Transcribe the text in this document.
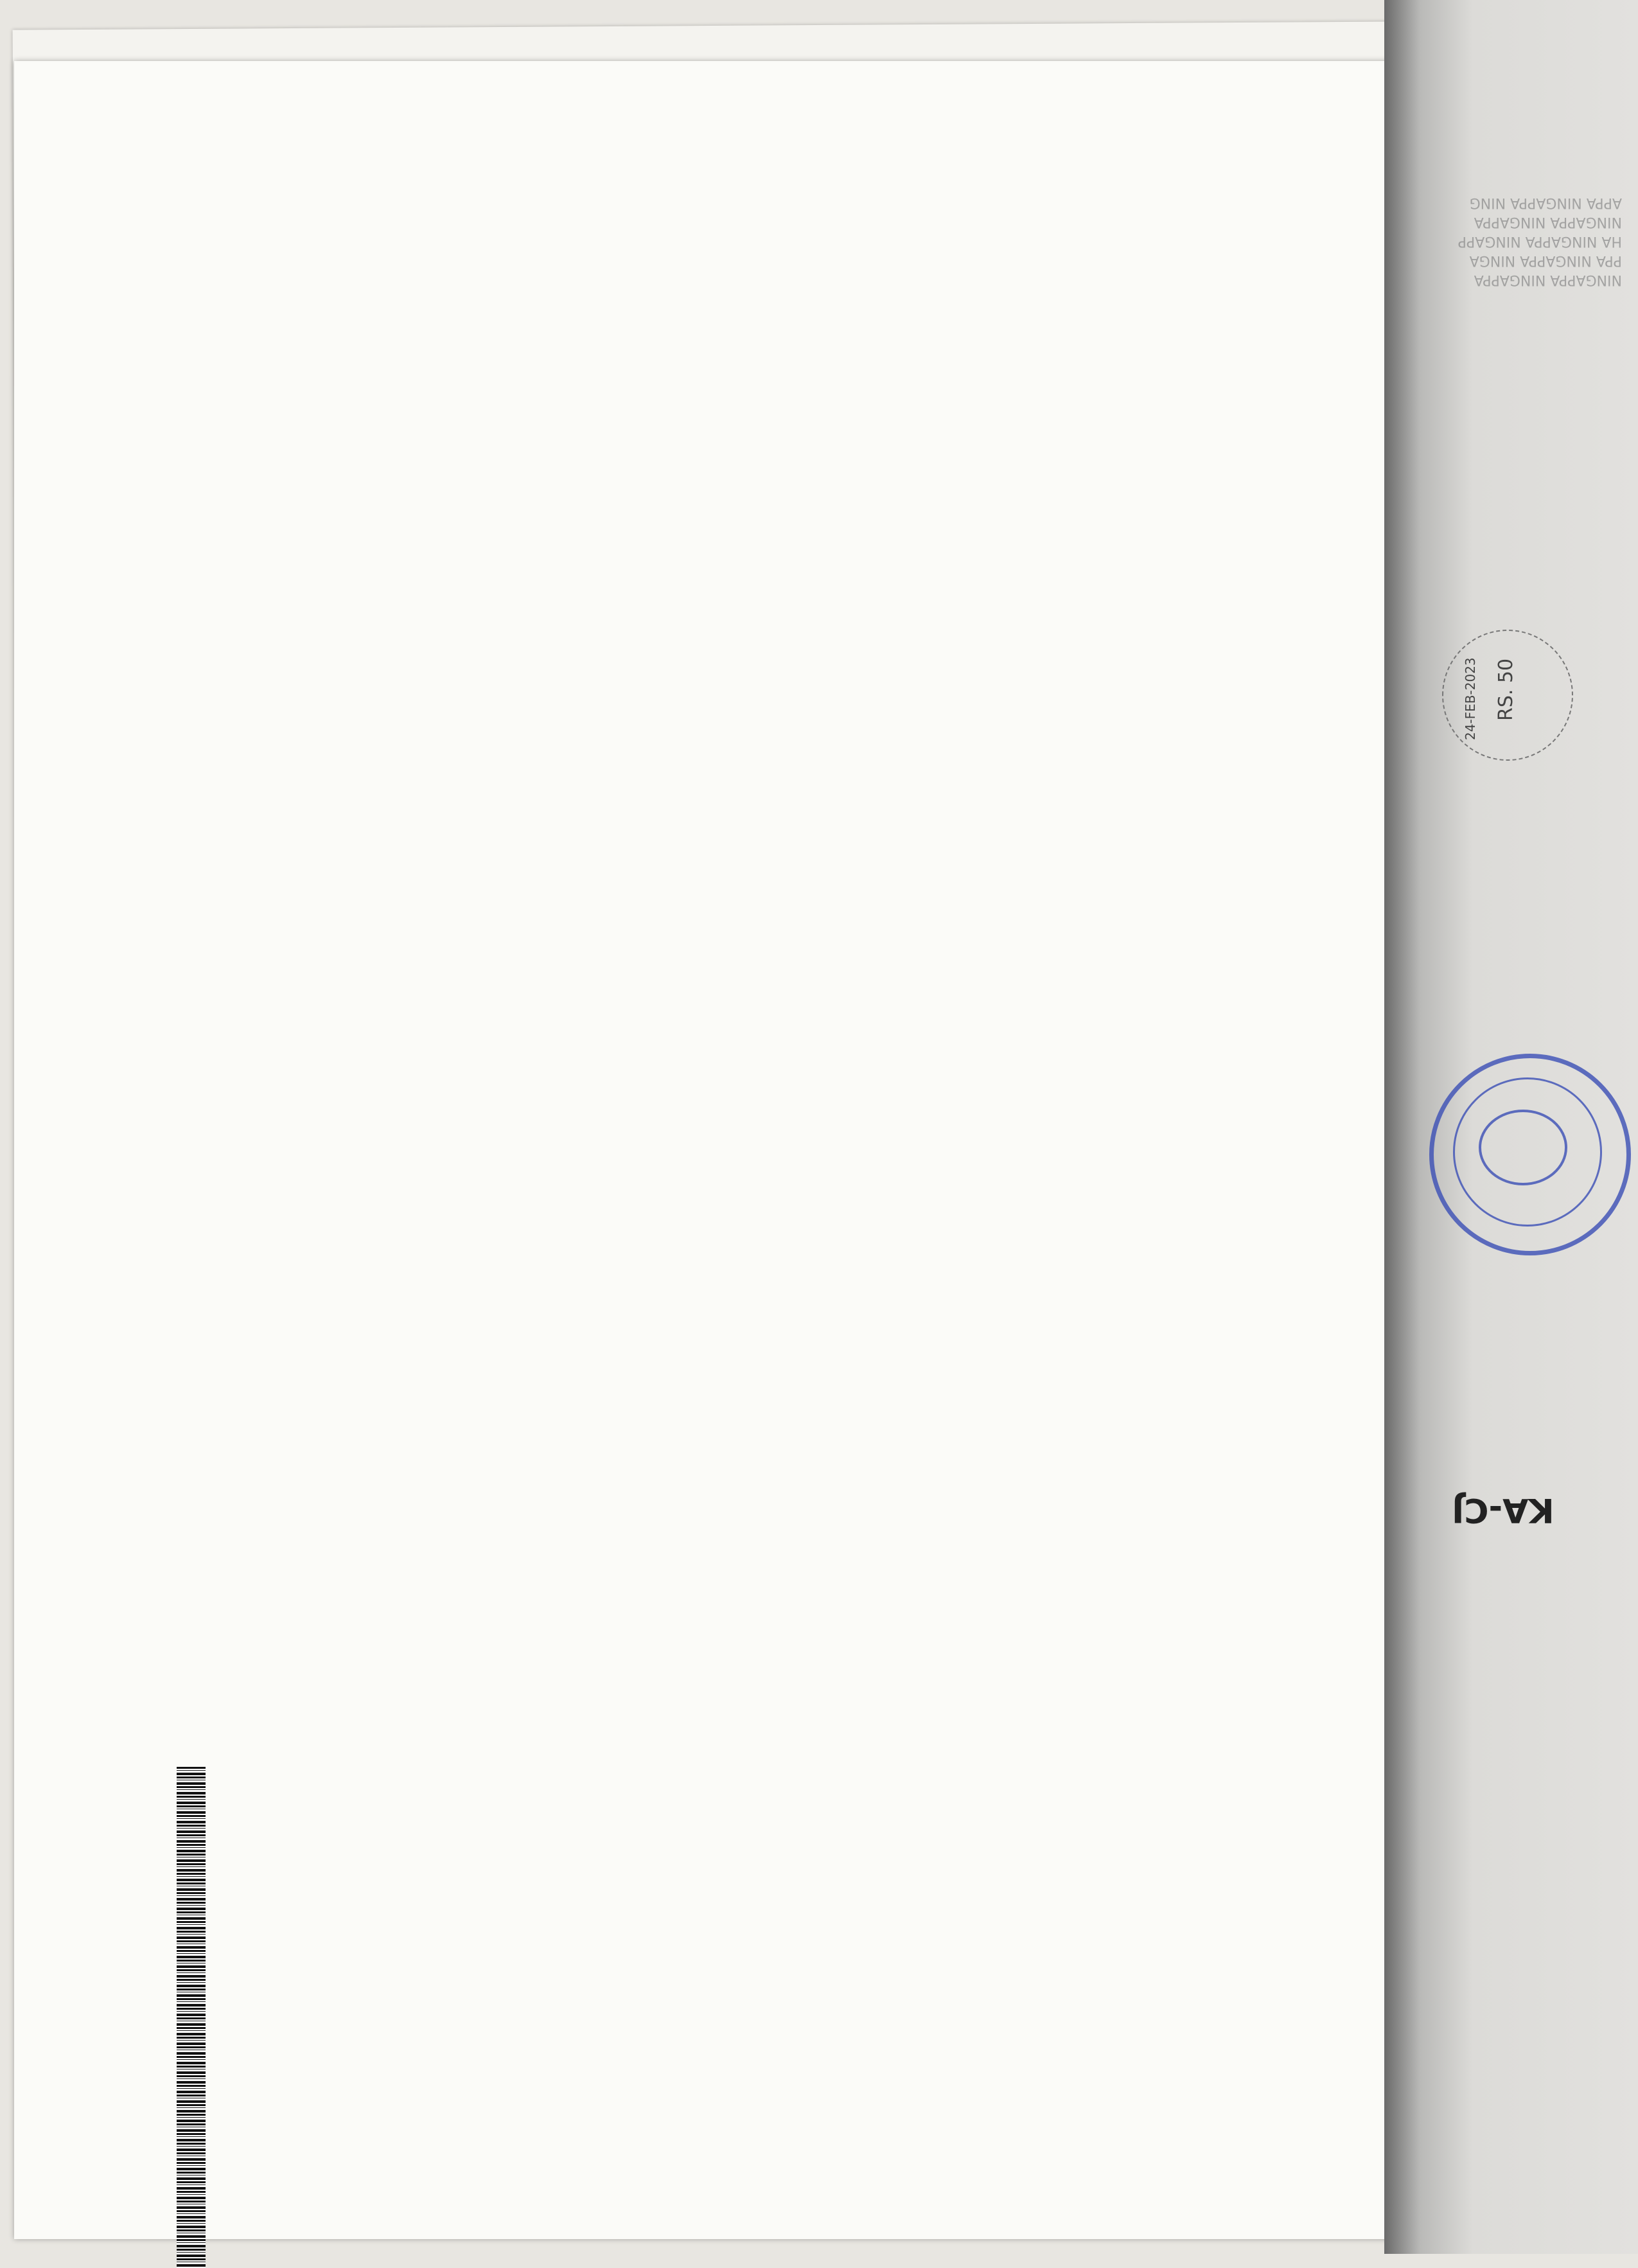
NINGAPPA NINGAPPA
PPA NINGAPPA NINGA
HA NINGAPPA NINGAPP
NINGAPPA NINGAPPA
APPA NINGAPPA NING
RS. 50
24-FEB-2023
KA-CJ
